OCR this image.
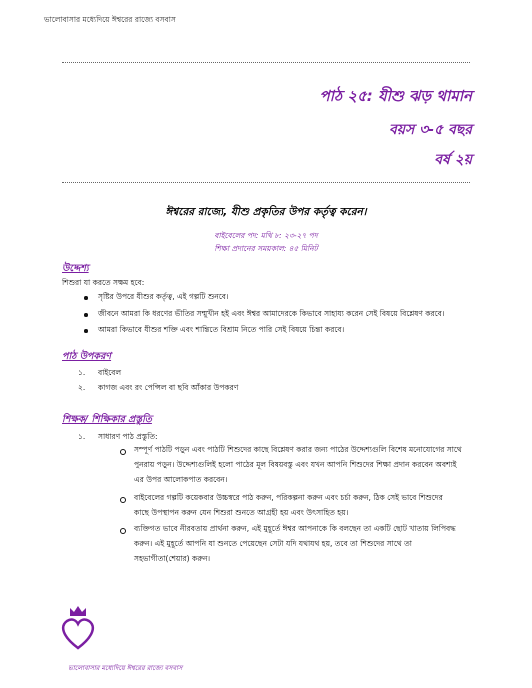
ভালোবাসার মধ্যেদিয়ে ঈশ্বরের রাজ্যে বসবাস
পাঠ ২৫: যীশু ঝড় থামান
বয়স ৩-৫ বছর
বর্ষ ২য়
ঈশ্বরের রাজ্যে, যীশু প্রকৃতির উপর কর্তৃত্ব করেন।
বাইবেলের পদ: মথি ৮: ২৩-২৭ পদ
শিক্ষা প্রদানের সময়কাল: ৪৫ মিনিট
উদ্দেশ্য
শিশুরা যা করতে সক্ষম হবে:
সৃষ্টির উপরে যীশুর কর্তৃত্ব, এই গল্পটি শুনবে।
জীবনে আমরা কি ধরণের ভীতির সম্মুখীন হই এবং ঈশ্বর আমাদেরকে কিভাবে সাহায্য করেন সেই বিষয়ে বিশ্লেষণ করবে।
আমরা কিভাবে যীশুর শক্তি এবং শান্তিতে বিশ্রাম নিতে পারি সেই বিষয়ে চিন্তা করবে।
পাঠ উপকরণ
১. বাইবেল
২. কাগজ এবং রং পেন্সিল বা ছবি আঁকার উপকরণ
শিক্ষক/ শিক্ষিকার প্রস্তুতি
১. সাধারণ পাঠ প্রস্তুতি:
সম্পূর্ণ পাঠটি পড়ুন এবং পাঠটি শিশুদের কাছে বিশ্লেষণ করার জন্য পাঠের উদ্দেশ্যগুলি বিশেষ মনোযোগের সাথে
পুনরায় পড়ুন। উদ্দেশ্যগুলিই হলো পাঠের মূল বিষয়বস্তু এবং যখন আপনি শিশুদের শিক্ষা প্রদান করবেন অবশ্যই
এর উপর আলোকপাত করবেন।
বাইবেলের গল্পটি কয়েকবার উচ্চস্বরে পাঠ করুন, পরিকল্পনা করুন এবং চর্চা করুন, ঠিক সেই ভাবে শিশুদের
কাছে উপস্থাপন করুন যেন শিশুরা শুনতে আগ্রহী হয় এবং উৎসাহিত হয়।
ব্যক্তিগত ভাবে নীরবতায় প্রার্থনা করুন, এই মুহূর্তে ঈশ্বর আপনাকে কি বলছেন তা একটি ছোট খাতায় লিপিবদ্ধ
করুন। এই মুহূর্তে আপনি যা শুনতে পেয়েছেন সেটা যদি যথাযথ হয়, তবে তা শিশুদের সাথে তা
সহভাগীতা(শেয়ার) করুন।
ভালোবাসার মধ্যেদিয়ে ঈশ্বরের রাজ্যে বসবাস
